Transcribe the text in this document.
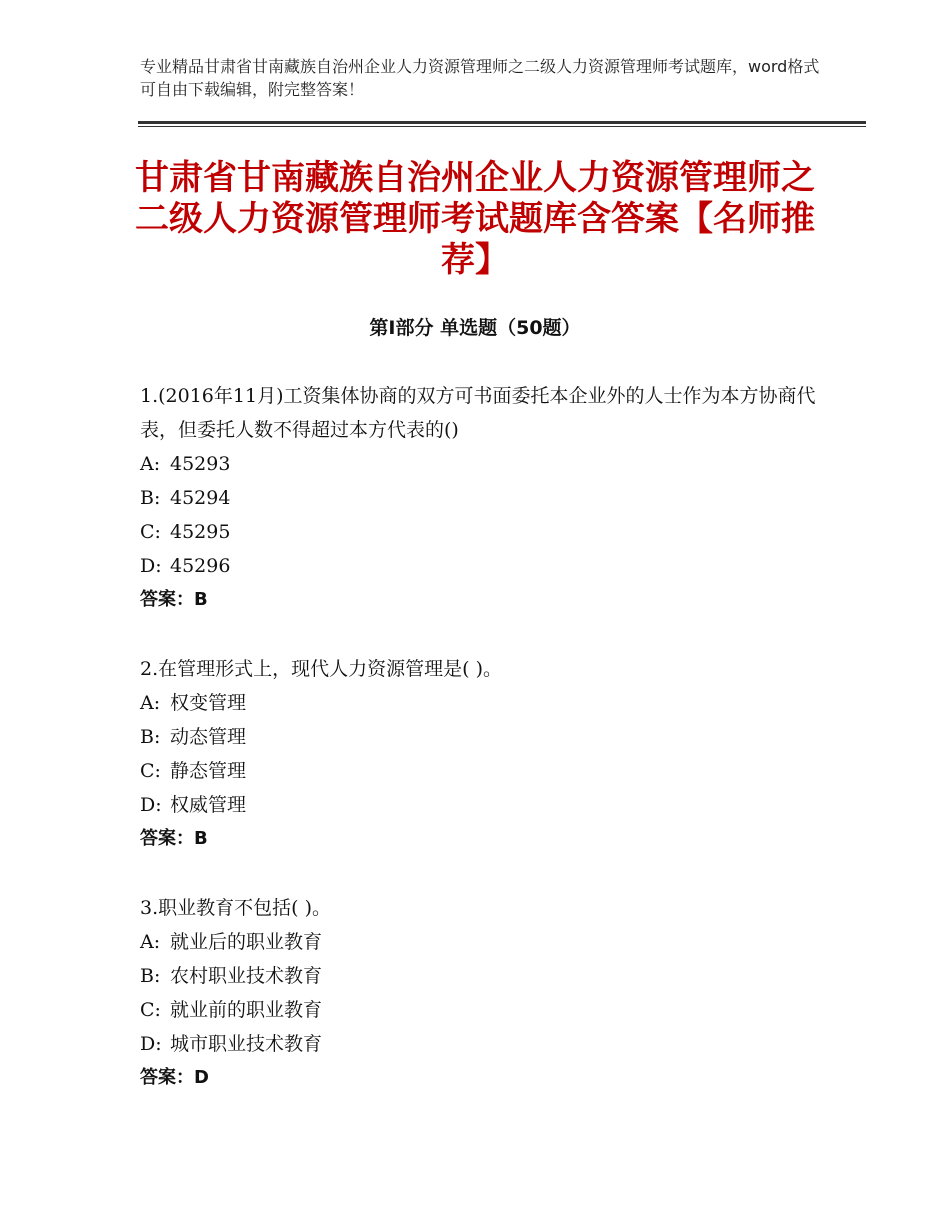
专业精品甘肃省甘南藏族自治州企业人力资源管理师之二级人力资源管理师考试题库，word格式可自由下载编辑，附完整答案！
甘肃省甘南藏族自治州企业人力资源管理师之二级人力资源管理师考试题库含答案【名师推荐】
第Ⅰ部分 单选题（50题）

1.(2016年11月)工资集体协商的双方可书面委托本企业外的人士作为本方协商代表，但委托人数不得超过本方代表的()

A: 45293

B: 45294

C: 45295

D: 45296

答案：B

2.在管理形式上，现代人力资源管理是( )。

A: 权变管理

B: 动态管理

C: 静态管理

D: 权威管理

答案：B

3.职业教育不包括( )。

A: 就业后的职业教育

B: 农村职业技术教育

C: 就业前的职业教育

D: 城市职业技术教育

答案：D
